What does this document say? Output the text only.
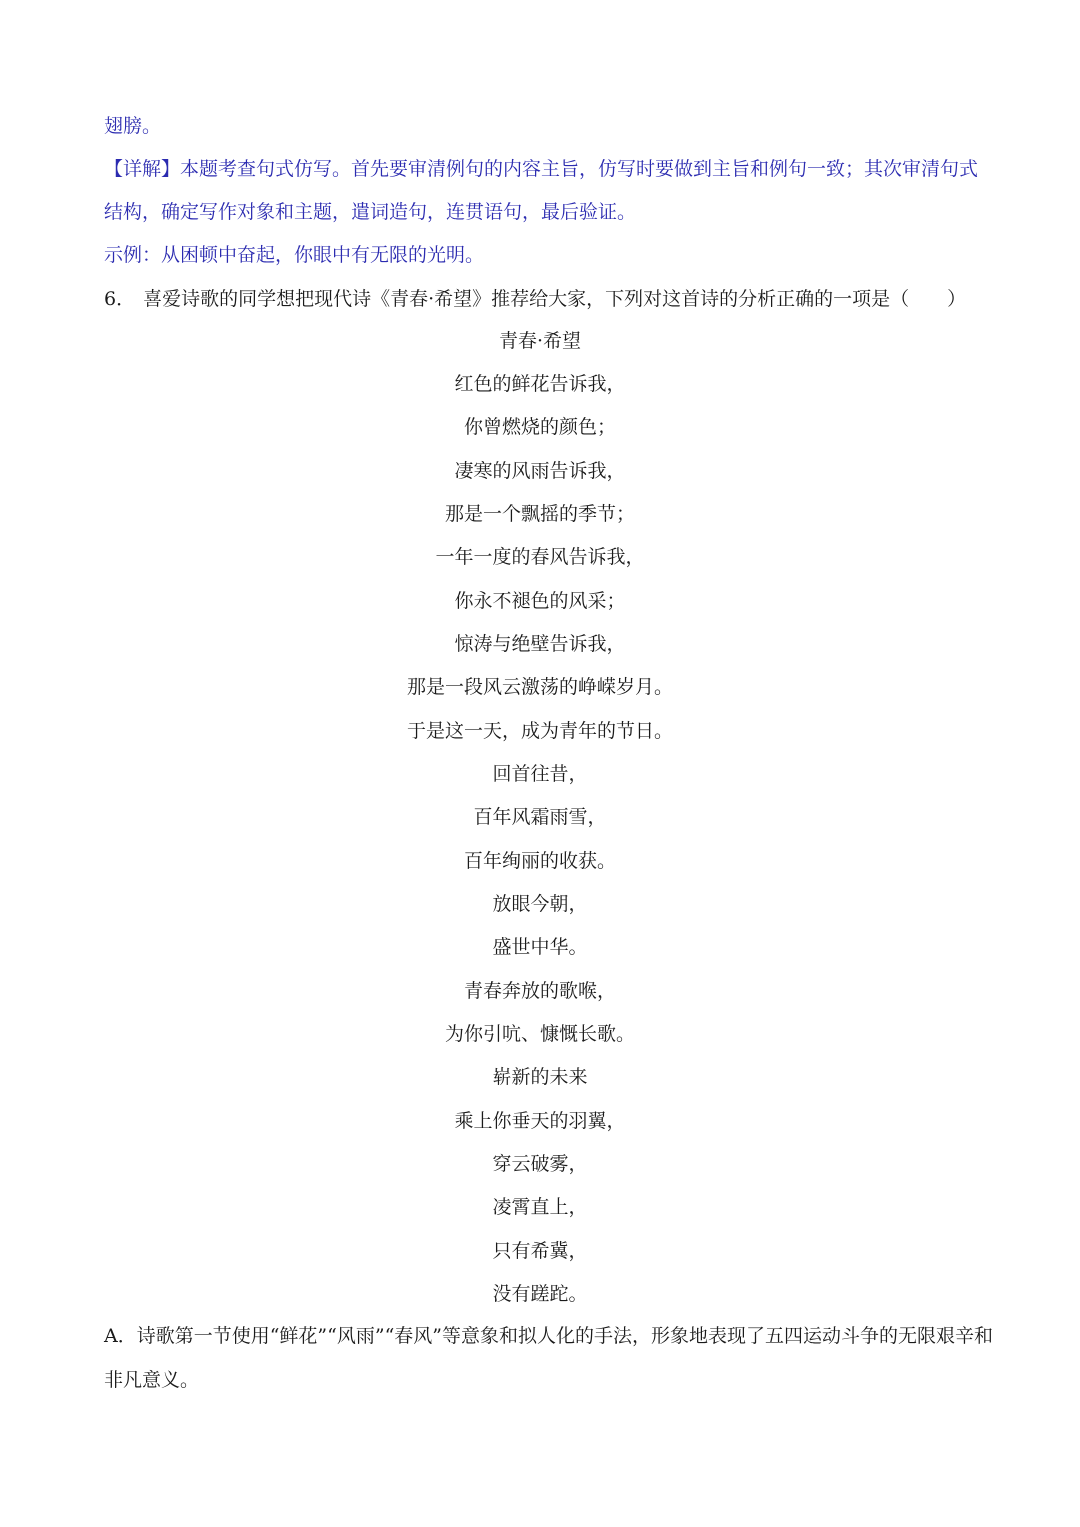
翅膀。
【详解】本题考查句式仿写。首先要审清例句的内容主旨，仿写时要做到主旨和例句一致；其次审清句式
结构，确定写作对象和主题，遣词造句，连贯语句，最后验证。
示例：从困顿中奋起，你眼中有无限的光明。
6． 喜爱诗歌的同学想把现代诗《青春·希望》推荐给大家，下列对这首诗的分析正确的一项是（　　）
青春·希望
红色的鲜花告诉我，
你曾燃烧的颜色；
凄寒的风雨告诉我，
那是一个飘摇的季节；
一年一度的春风告诉我，
你永不褪色的风采；
惊涛与绝壁告诉我，
那是一段风云激荡的峥嵘岁月。
于是这一天，成为青年的节日。
回首往昔，
百年风霜雨雪，
百年绚丽的收获。
放眼今朝，
盛世中华。
青春奔放的歌喉，
为你引吭、慷慨长歌。
崭新的未来
乘上你垂天的羽翼，
穿云破雾，
凌霄直上，
只有希冀，
没有蹉跎。
A．诗歌第一节使用“鲜花”“风雨”“春风”等意象和拟人化的手法，形象地表现了五四运动斗争的无限艰辛和
非凡意义。
